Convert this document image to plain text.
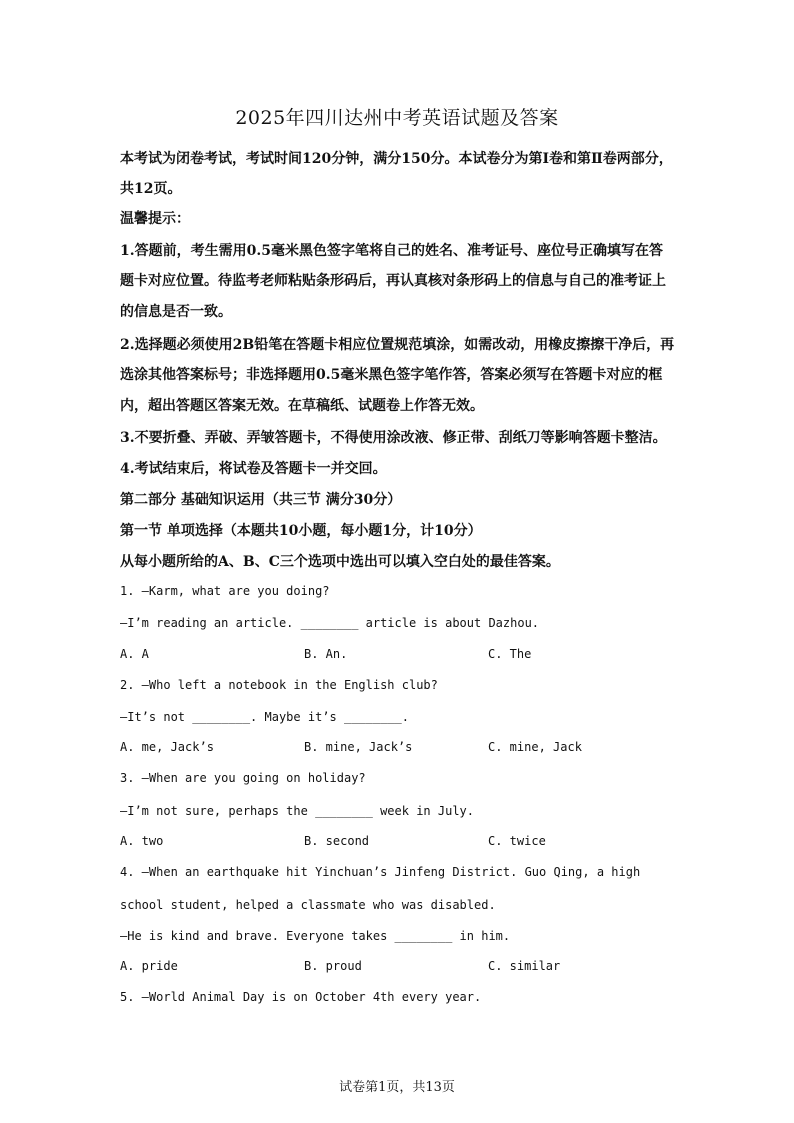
2025年四川达州中考英语试题及答案
本考试为闭卷考试，考试时间120分钟，满分150分。本试卷分为第Ⅰ卷和第Ⅱ卷两部分，
共12页。
温馨提示：
1.答题前，考生需用0.5毫米黑色签字笔将自己的姓名、准考证号、座位号正确填写在答
题卡对应位置。待监考老师粘贴条形码后，再认真核对条形码上的信息与自己的准考证上
的信息是否一致。
2.选择题必须使用2B铅笔在答题卡相应位置规范填涂，如需改动，用橡皮擦擦干净后，再
选涂其他答案标号；非选择题用0.5毫米黑色签字笔作答，答案必须写在答题卡对应的框
内，超出答题区答案无效。在草稿纸、试题卷上作答无效。
3.不要折叠、弄破、弄皱答题卡，不得使用涂改液、修正带、刮纸刀等影响答题卡整洁。
4.考试结束后，将试卷及答题卡一并交回。
第二部分 基础知识运用（共三节 满分30分）
第一节 单项选择（本题共10小题，每小题1分，计10分）
从每小题所给的A、B、C三个选项中选出可以填入空白处的最佳答案。
1. —Karm, what are you doing?
—I’m reading an article. ________ article is about Dazhou.
A. A	B. An.	C. The
2. —Who left a notebook in the English club?
—It’s not ________. Maybe it’s ________.
A. me, Jack’s	B. mine, Jack’s	C. mine, Jack
3. —When are you going on holiday?
—I’m not sure, perhaps the ________ week in July.
A. two	B. second	C. twice
4. —When an earthquake hit Yinchuan’s Jinfeng District. Guo Qing, a high
school student, helped a classmate who was disabled.
—He is kind and brave. Everyone takes ________ in him.
A. pride	B. proud	C. similar
5. —World Animal Day is on October 4th every year.
试卷第1页，共13页
